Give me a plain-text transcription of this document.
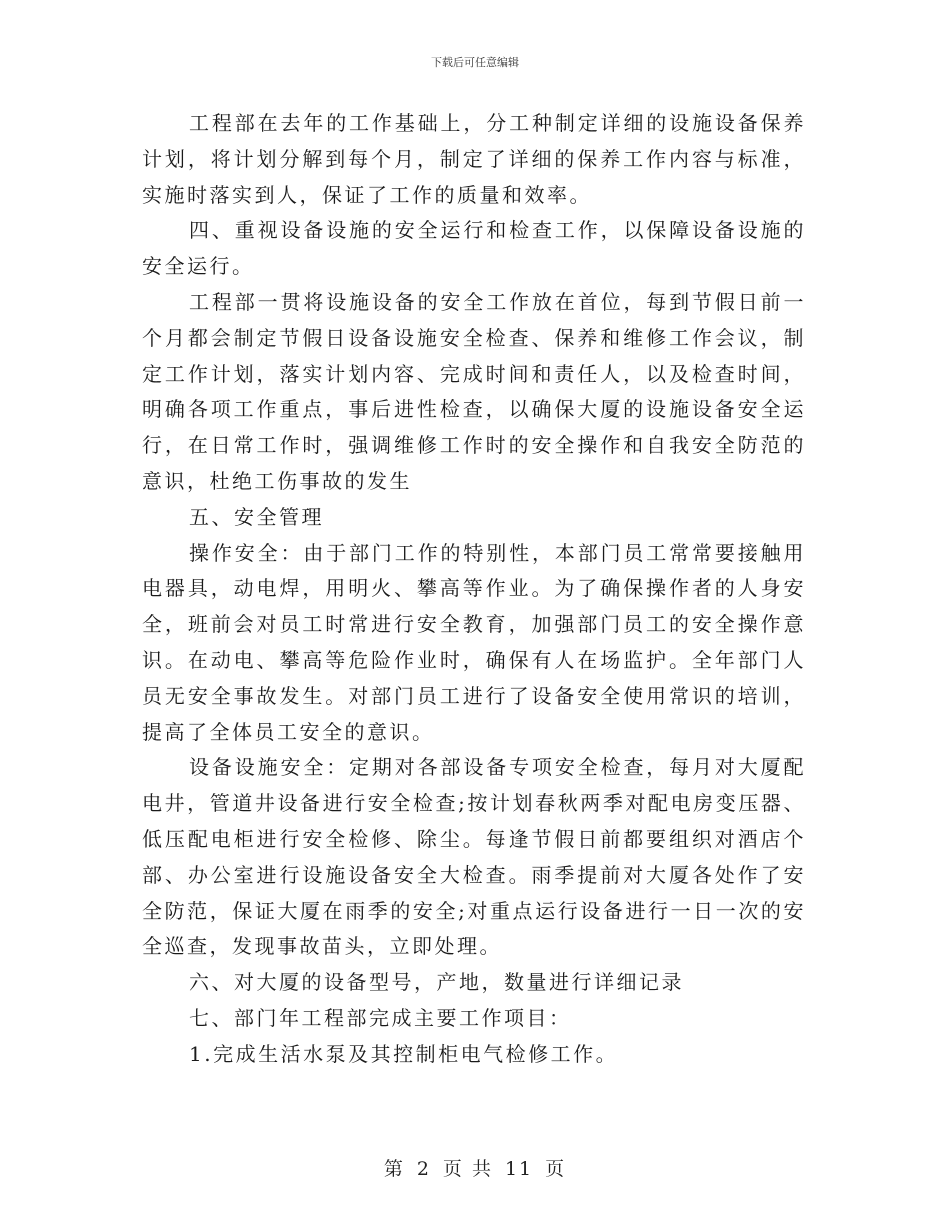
下载后可任意编辑

工程部在去年的工作基础上，分工种制定详细的设施设备保养计划，将计划分解到每个月，制定了详细的保养工作内容与标准，实施时落实到人，保证了工作的质量和效率。

四、重视设备设施的安全运行和检查工作，以保障设备设施的安全运行。

工程部一贯将设施设备的安全工作放在首位，每到节假日前一个月都会制定节假日设备设施安全检查、保养和维修工作会议，制定工作计划，落实计划内容、完成时间和责任人，以及检查时间，明确各项工作重点，事后进性检查，以确保大厦的设施设备安全运行，在日常工作时，强调维修工作时的安全操作和自我安全防范的意识，杜绝工伤事故的发生

五、安全管理

操作安全：由于部门工作的特别性，本部门员工常常要接触用电器具，动电焊，用明火、攀高等作业。为了确保操作者的人身安全，班前会对员工时常进行安全教育，加强部门员工的安全操作意识。在动电、攀高等危险作业时，确保有人在场监护。全年部门人员无安全事故发生。对部门员工进行了设备安全使用常识的培训，提高了全体员工安全的意识。

设备设施安全：定期对各部设备专项安全检查，每月对大厦配电井，管道井设备进行安全检查;按计划春秋两季对配电房变压器、低压配电柜进行安全检修、除尘。每逢节假日前都要组织对酒店个部、办公室进行设施设备安全大检查。雨季提前对大厦各处作了安全防范，保证大厦在雨季的安全;对重点运行设备进行一日一次的安全巡查，发现事故苗头，立即处理。

六、对大厦的设备型号，产地，数量进行详细记录

七、部门年工程部完成主要工作项目：

1.完成生活水泵及其控制柜电气检修工作。

第 2 页 共 11 页
